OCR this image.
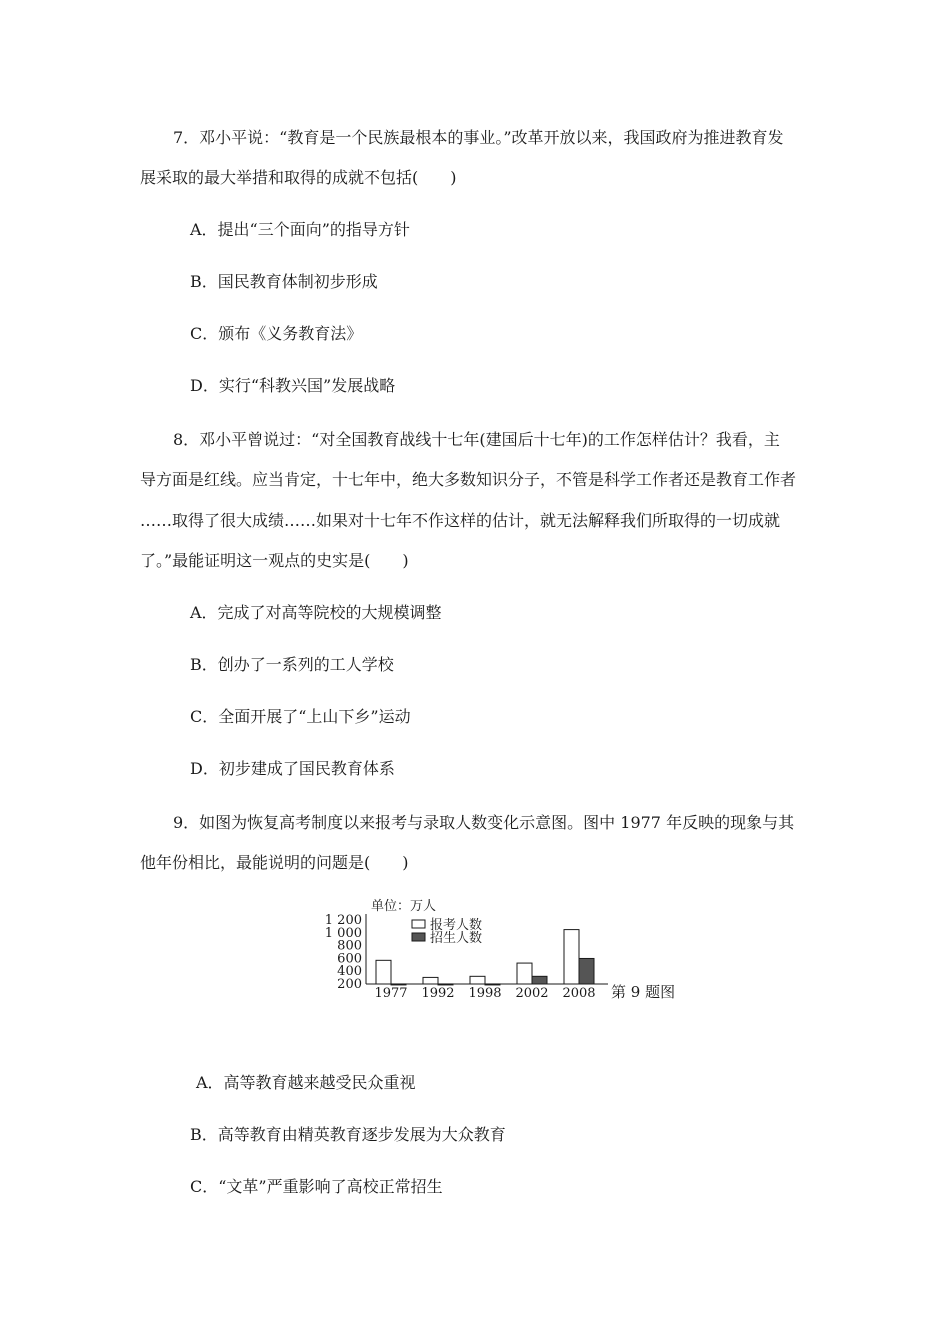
7．邓小平说：“教育是一个民族最根本的事业。”改革开放以来，我国政府为推进教育发
展采取的最大举措和取得的成就不包括(　　)
A．提出“三个面向”的指导方针
B．国民教育体制初步形成
C．颁布《义务教育法》
D．实行“科教兴国”发展战略
8．邓小平曾说过：“对全国教育战线十七年(建国后十七年)的工作怎样估计？我看，主
导方面是红线。应当肯定，十七年中，绝大多数知识分子，不管是科学工作者还是教育工作者
……取得了很大成绩……如果对十七年不作这样的估计，就无法解释我们所取得的一切成就
了。”最能证明这一观点的史实是(　　)
A．完成了对高等院校的大规模调整
B．创办了一系列的工人学校
C．全面开展了“上山下乡”运动
D．初步建成了国民教育体系
9．如图为恢复高考制度以来报考与录取人数变化示意图。图中 1977 年反映的现象与其
他年份相比，最能说明的问题是(　　)
1 200
1 000
800
600
400
200
单位：万人
报考人数
招生人数
1977 1992 1998 2002 2008 第 9 题图
A．高等教育越来越受民众重视
B．高等教育由精英教育逐步发展为大众教育
C．“文革”严重影响了高校正常招生
